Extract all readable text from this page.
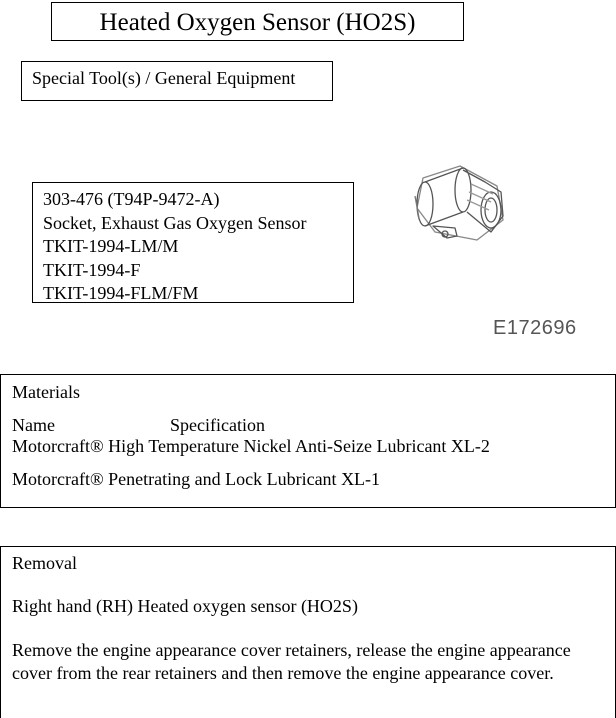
Heated Oxygen Sensor (HO2S)
Special Tool(s) / General Equipment
303-476 (T94P-9472-A)
Socket, Exhaust Gas Oxygen Sensor
TKIT-1994-LM/M
TKIT-1994-F
TKIT-1994-FLM/FM
E172696
Materials
Name	Specification
Motorcraft® High Temperature Nickel Anti-Seize Lubricant XL-2
Motorcraft® Penetrating and Lock Lubricant XL-1
Removal
Right hand (RH) Heated oxygen sensor (HO2S)
Remove the engine appearance cover retainers, release the engine appearance cover from the rear retainers and then remove the engine appearance cover.
